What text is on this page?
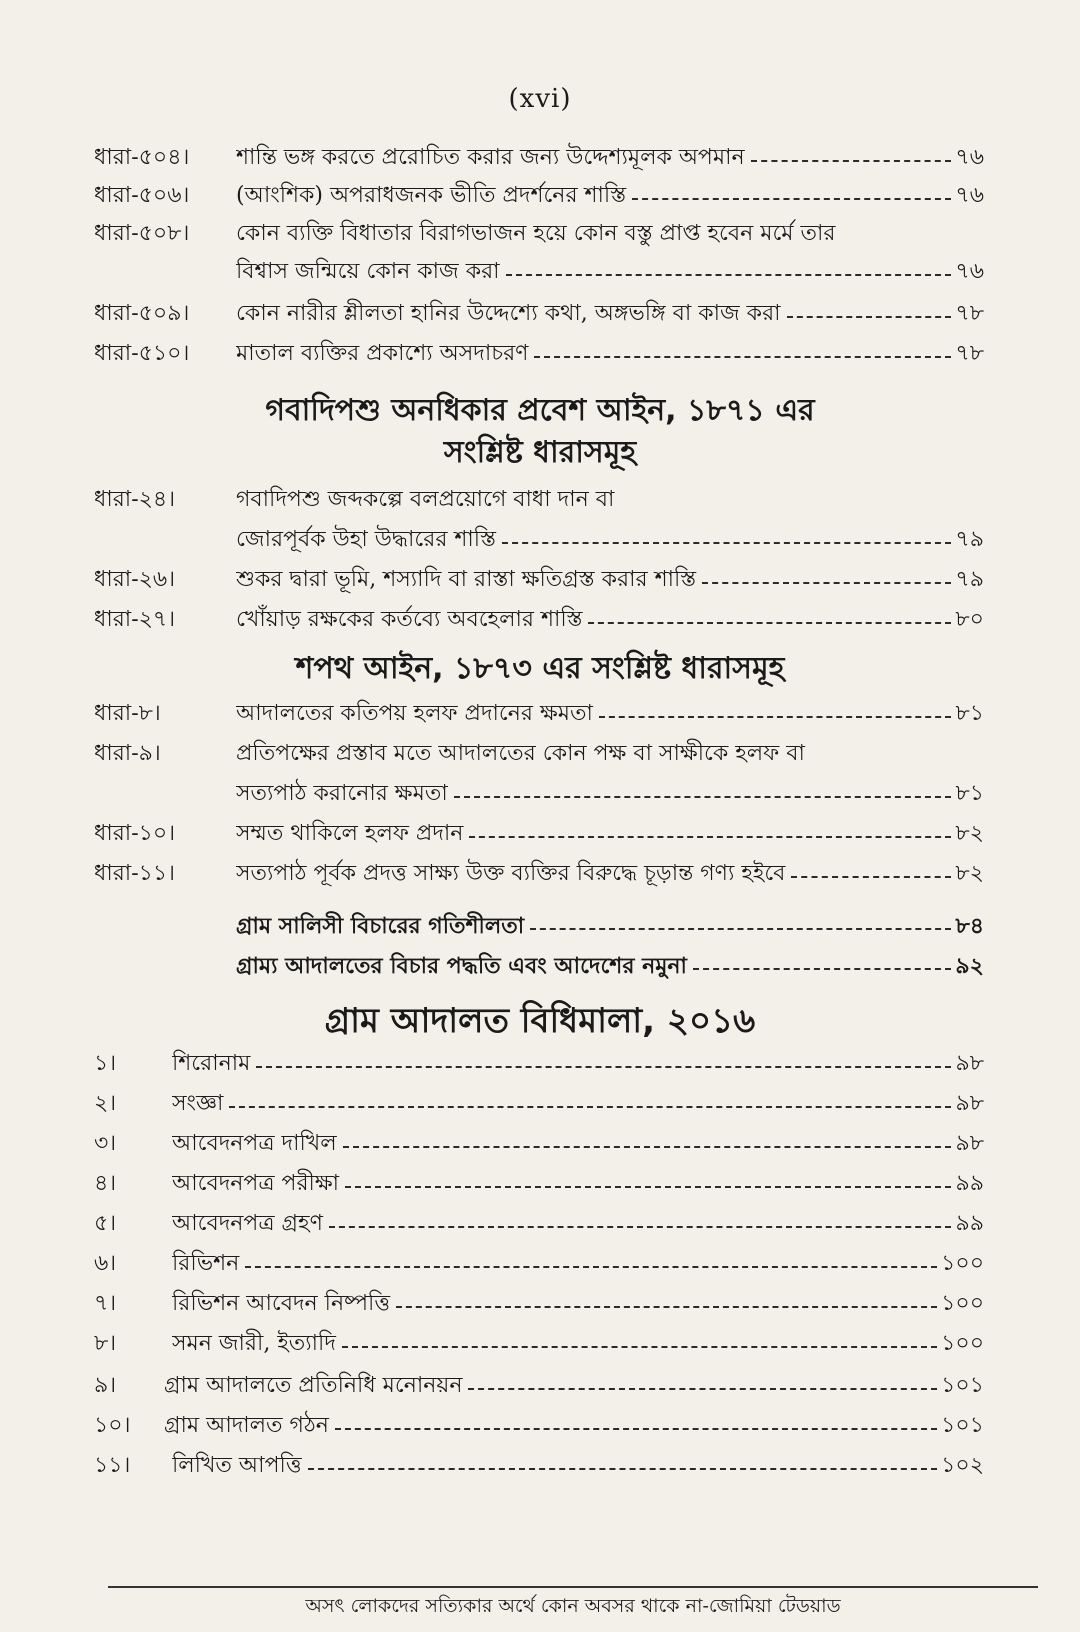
(xvi)
ধারা-৫০৪। শান্তি ভঙ্গ করতে প্ররোচিত করার জন্য উদ্দেশ্যমূলক অপমান	৭৬
ধারা-৫০৬। (আংশিক) অপরাধজনক ভীতি প্রদর্শনের শাস্তি	৭৬
ধারা-৫০৮। কোন ব্যক্তি বিধাতার বিরাগভাজন হয়ে কোন বস্তু প্রাপ্ত হবেন মর্মে তার
বিশ্বাস জন্মিয়ে কোন কাজ করা	৭৬
ধারা-৫০৯। কোন নারীর শ্লীলতা হানির উদ্দেশ্যে কথা, অঙ্গভঙ্গি বা কাজ করা	৭৮
ধারা-৫১০। মাতাল ব্যক্তির প্রকাশ্যে অসদাচরণ	৭৮
গবাদিপশু অনধিকার প্রবেশ আইন, ১৮৭১ এর
সংশ্লিষ্ট ধারাসমূহ
ধারা-২৪।	গবাদিপশু জব্দকল্পে বলপ্রয়োগে বাধা দান বা
জোরপূর্বক উহা উদ্ধারের শাস্তি	৭৯
ধারা-২৬।	শুকর দ্বারা ভূমি, শস্যাদি বা রাস্তা ক্ষতিগ্রস্ত করার শাস্তি	৭৯
ধারা-২৭।	খোঁয়াড় রক্ষকের কর্তব্যে অবহেলার শাস্তি	৮০
শপথ আইন, ১৮৭৩ এর সংশ্লিষ্ট ধারাসমূহ
ধারা-৮।	আদালতের কতিপয় হলফ প্রদানের ক্ষমতা	৮১
ধারা-৯।	প্রতিপক্ষের প্রস্তাব মতে আদালতের কোন পক্ষ বা সাক্ষীকে হলফ বা
সত্যপাঠ করানোর ক্ষমতা	৮১
ধারা-১০।	সম্মত থাকিলে হলফ প্রদান	৮২
ধারা-১১।	সত্যপাঠ পূর্বক প্রদত্ত সাক্ষ্য উক্ত ব্যক্তির বিরুদ্ধে চূড়ান্ত গণ্য হইবে	৮২
গ্রাম সালিসী বিচারের গতিশীলতা	৮৪
গ্রাম্য আদালতের বিচার পদ্ধতি এবং আদেশের নমুনা	৯২
গ্রাম আদালত বিধিমালা, ২০১৬
১।	শিরোনাম	৯৮
২।	সংজ্ঞা	৯৮
৩।	আবেদনপত্র দাখিল	৯৮
৪।	আবেদনপত্র পরীক্ষা	৯৯
৫।	আবেদনপত্র গ্রহণ	৯৯
৬।	রিভিশন	১০০
৭।	রিভিশন আবেদন নিষ্পত্তি	১০০
৮।	সমন জারী, ইত্যাদি	১০০
৯। গ্রাম আদালতে প্রতিনিধি মনোনয়ন	১০১
১০। গ্রাম আদালত গঠন	১০১
১১। লিখিত আপত্তি	১০২
অসৎ লোকদের সত্যিকার অর্থে কোন অবসর থাকে না-জোমিয়া টেডয়াড
